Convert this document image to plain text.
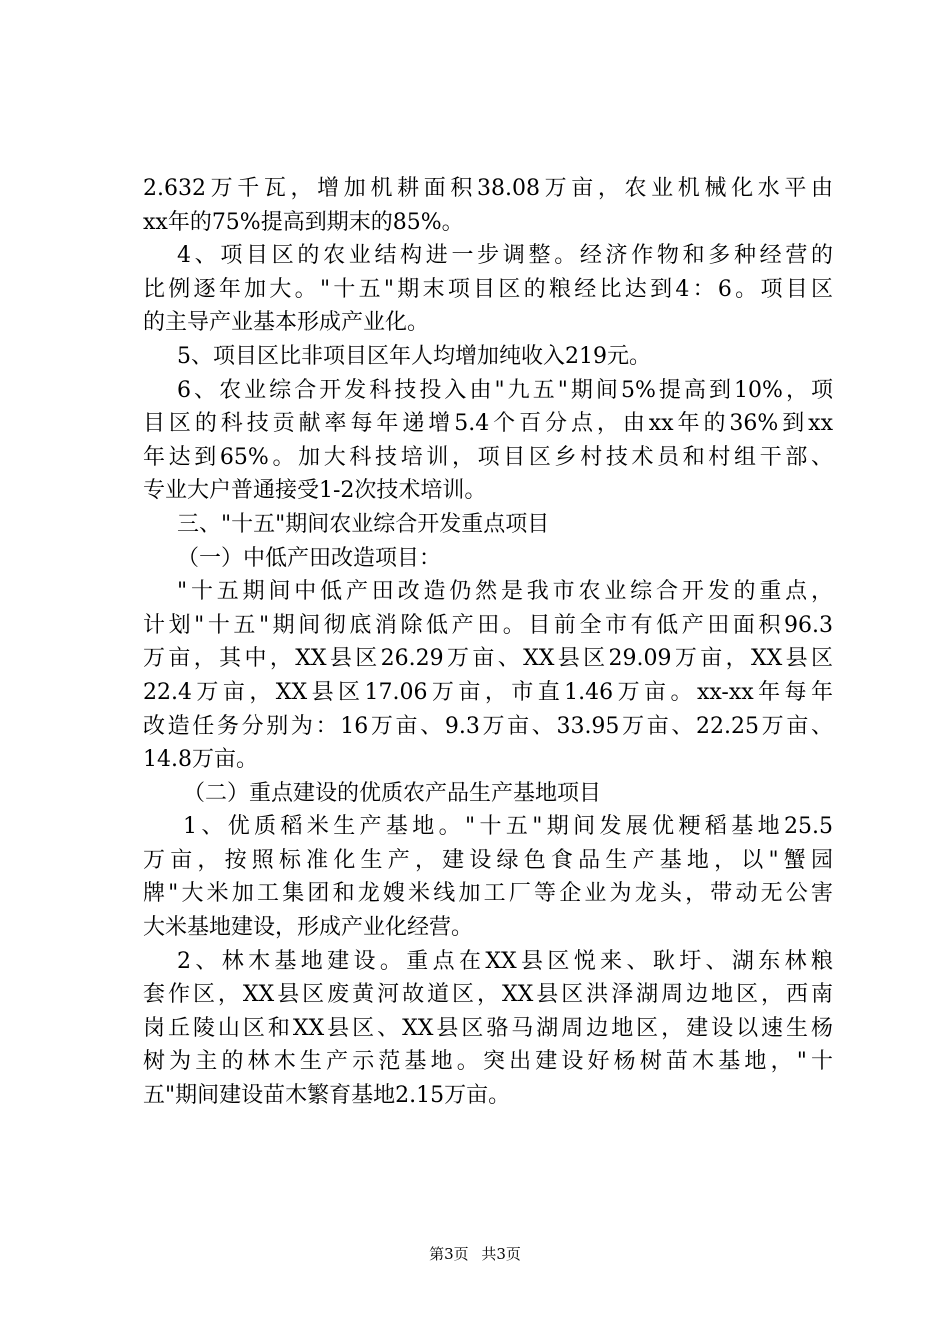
2.632万千瓦，增加机耕面积38.08万亩，农业机械化水平由
xx年的75%提高到期末的85%。
4、项目区的农业结构进一步调整。经济作物和多种经营的
比例逐年加大。"十五"期末项目区的粮经比达到4：6。项目区
的主导产业基本形成产业化。
5、项目区比非项目区年人均增加纯收入219元。
6、农业综合开发科技投入由"九五"期间5%提高到10%，项
目区的科技贡献率每年递增5.4个百分点，由xx年的36%到xx
年达到65%。加大科技培训，项目区乡村技术员和村组干部、
专业大户普通接受1-2次技术培训。
三、"十五"期间农业综合开发重点项目
（一）中低产田改造项目：
"十五期间中低产田改造仍然是我市农业综合开发的重点，
计划"十五"期间彻底消除低产田。目前全市有低产田面积96.3
万亩，其中，XX县区26.29万亩、XX县区29.09万亩，XX县区
22.4万亩，XX县区17.06万亩，市直1.46万亩。xx-xx年每年
改造任务分别为：16万亩、9.3万亩、33.95万亩、22.25万亩、
14.8万亩。
（二）重点建设的优质农产品生产基地项目
1、优质稻米生产基地。"十五"期间发展优粳稻基地25.5
万亩，按照标准化生产，建设绿色食品生产基地，以"蟹园
牌"大米加工集团和龙嫂米线加工厂等企业为龙头，带动无公害
大米基地建设，形成产业化经营。
2、林木基地建设。重点在XX县区悦来、耿圩、湖东林粮
套作区，XX县区废黄河故道区，XX县区洪泽湖周边地区，西南
岗丘陵山区和XX县区、XX县区骆马湖周边地区，建设以速生杨
树为主的林木生产示范基地。突出建设好杨树苗木基地，"十
五"期间建设苗木繁育基地2.15万亩。
第3页 共3页
